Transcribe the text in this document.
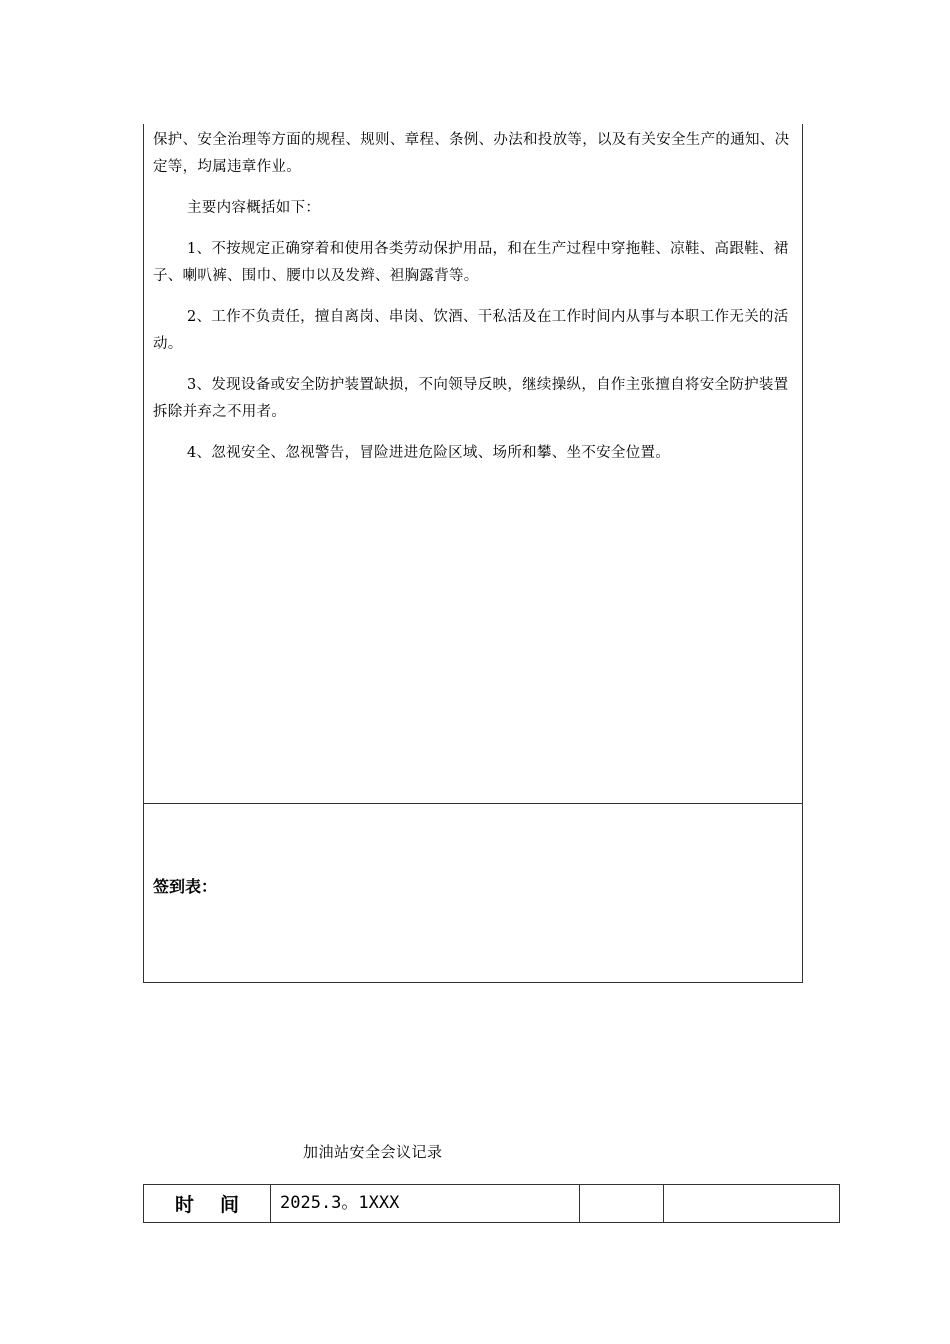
保护、安全治理等方面的规程、规则、章程、条例、办法和投放等，以及有关安全生产的通知、决定等，均属违章作业。

主要内容概括如下：

1、不按规定正确穿着和使用各类劳动保护用品，和在生产过程中穿拖鞋、凉鞋、高跟鞋、裙子、喇叭裤、围巾、腰巾以及发辫、袒胸露背等。

2、工作不负责任，擅自离岗、串岗、饮酒、干私活及在工作时间内从事与本职工作无关的活动。

3、发现设备或安全防护装置缺损，不向领导反映，继续操纵，自作主张擅自将安全防护装置拆除并弃之不用者。

4、忽视安全、忽视警告，冒险进进危险区域、场所和攀、坐不安全位置。

签到表：
加油站安全会议记录
时间	2025.3。1XXX		
